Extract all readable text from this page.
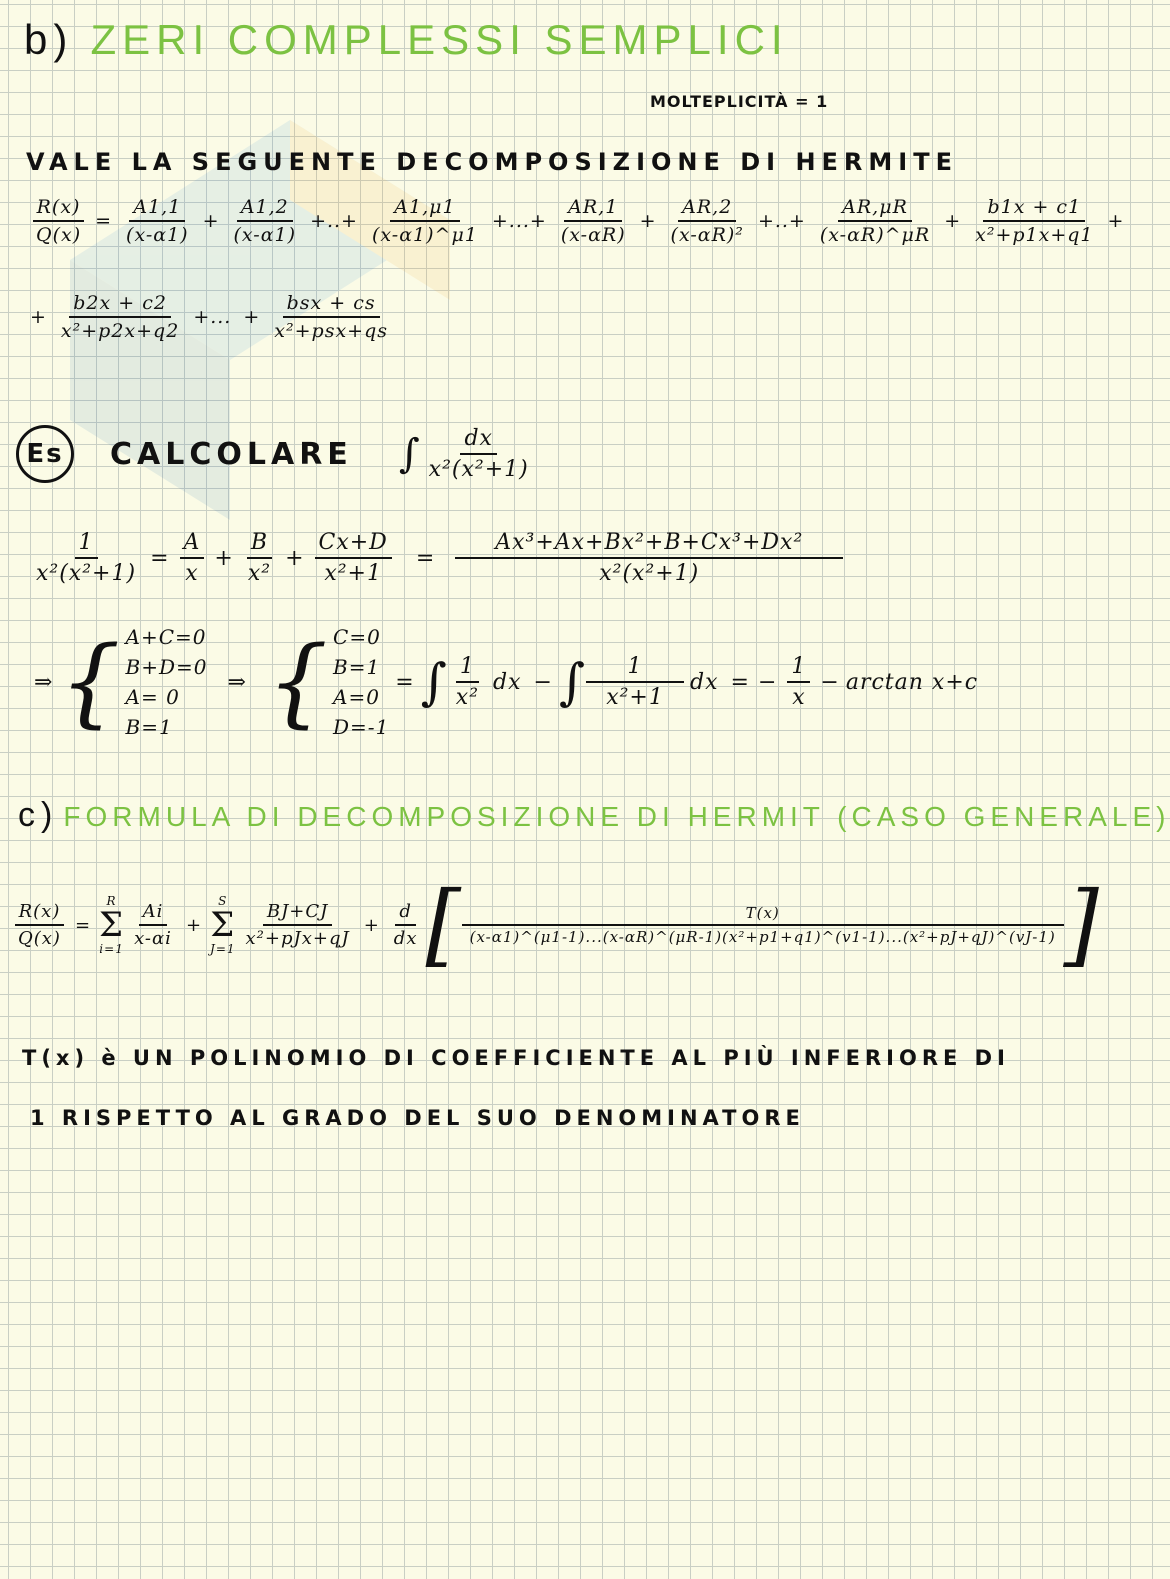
b) ZERI COMPLESSI SEMPLICI
MOLTEPLICITÀ = 1
VALE LA SEGUENTE DECOMPOSIZIONE DI HERMITE
$\frac{R(x)}{Q(x)} = \frac{A1,1}{(x-\alpha 1)} + \frac{A1,2}{(x-\alpha 1)}$ +..+ $\frac{A1,\mu 1}{(x-\alpha 1)\^{}\mu 1}$ +...+ $\frac{AR,1}{(x-\alpha R)} + \frac{AR,2}{\text{(x-αR)²}}$ +..+ $\frac{AR,\mu R}{(x-\alpha R)\^{}\mu R} + \frac{b1x + c1}{\text{x²+p1x+q1}}$ +
+ $\frac{b2x + c2}{\text{x²+p2x+q2}}$ +... + $\frac{\text{bsx + cs}}{\text{x²+psx+qs}}$
Es	CALCOLARE ∫ $\frac{dx}{\text{x²(x²+1)}}$
$\frac{1}{\text{x²(x²+1)}} = \frac{A}{x} + \frac{B}{\text{x²}} + \frac{Cx+D}{\text{x²+1}} = \frac{\text{Ax³+Ax+Bx²+B+Cx³+Dx²}}{\text{x²(x²+1)}}$
⇒ { A+C=0
B+D=0
A= 0
B=1
⇒ { C=0
B=1
A=0
D=-1
= ∫ $\frac{1}{\text{x²}}$ dx − ∫ $\frac{1}{\text{x²+1}}$ dx = − $\frac{1}{x} - \arctan x+c$
c) FORMULA DI DECOMPOSIZIONE DI HERMIT (CASO GENERALE)
$\frac{R(x)}{Q(x)}$ =
R
Σ
$i=1 \frac{Ai}{x-\alpha i}$ +
S
Σ
$J=1 \frac{BJ+CJ}{\text{x²+pJx+qJ}} + \frac{d}{dx}$ [	T(x)
(x-α1)^(μ1-1)...(x-αR)^(μR-1)(x²+p1+q1)^(v1-1)...(x²+pJ+qJ)^(vJ-1) ]
T(x) è UN POLINOMIO DI COEFFICIENTE AL PIÙ INFERIORE DI
1 RISPETTO AL GRADO DEL SUO DENOMINATORE
